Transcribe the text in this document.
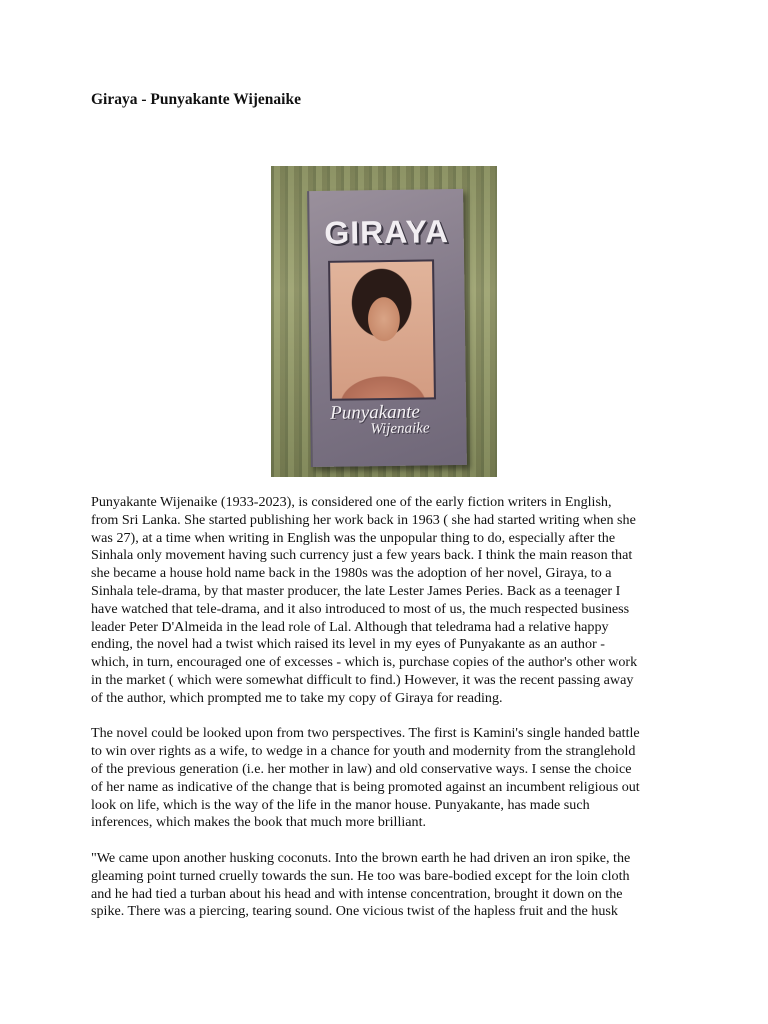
Giraya - Punyakante Wijenaike
GIRAYA
Punyakante
Wijenaike

Punyakante Wijenaike (1933-2023), is considered one of the early fiction writers in English,
from Sri Lanka. She started publishing her work back in 1963 ( she had started writing when she
was 27), at a time when writing in English was the unpopular thing to do, especially after the
Sinhala only movement having such currency just a few years back. I think the main reason that
she became a house hold name back in the 1980s was the adoption of her novel, Giraya, to a
Sinhala tele-drama, by that master producer, the late Lester James Peries. Back as a teenager I
have watched that tele-drama, and it also introduced to most of us, the much respected business
leader Peter D'Almeida in the lead role of Lal. Although that teledrama had a relative happy
ending, the novel had a twist which raised its level in my eyes of Punyakante as an author -
which, in turn, encouraged one of excesses - which is, purchase copies of the author's other work
in the market ( which were somewhat difficult to find.) However, it was the recent passing away
of the author, which prompted me to take my copy of Giraya for reading.

The novel could be looked upon from two perspectives. The first is Kamini's single handed battle
to win over rights as a wife, to wedge in a chance for youth and modernity from the stranglehold
of the previous generation (i.e. her mother in law) and old conservative ways. I sense the choice
of her name as indicative of the change that is being promoted against an incumbent religious out
look on life, which is the way of the life in the manor house. Punyakante, has made such
inferences, which makes the book that much more brilliant.

"We came upon another husking coconuts. Into the brown earth he had driven an iron spike, the
gleaming point turned cruelly towards the sun. He too was bare-bodied except for the loin cloth
and he had tied a turban about his head and with intense concentration, brought it down on the
spike. There was a piercing, tearing sound. One vicious twist of the hapless fruit and the husk
